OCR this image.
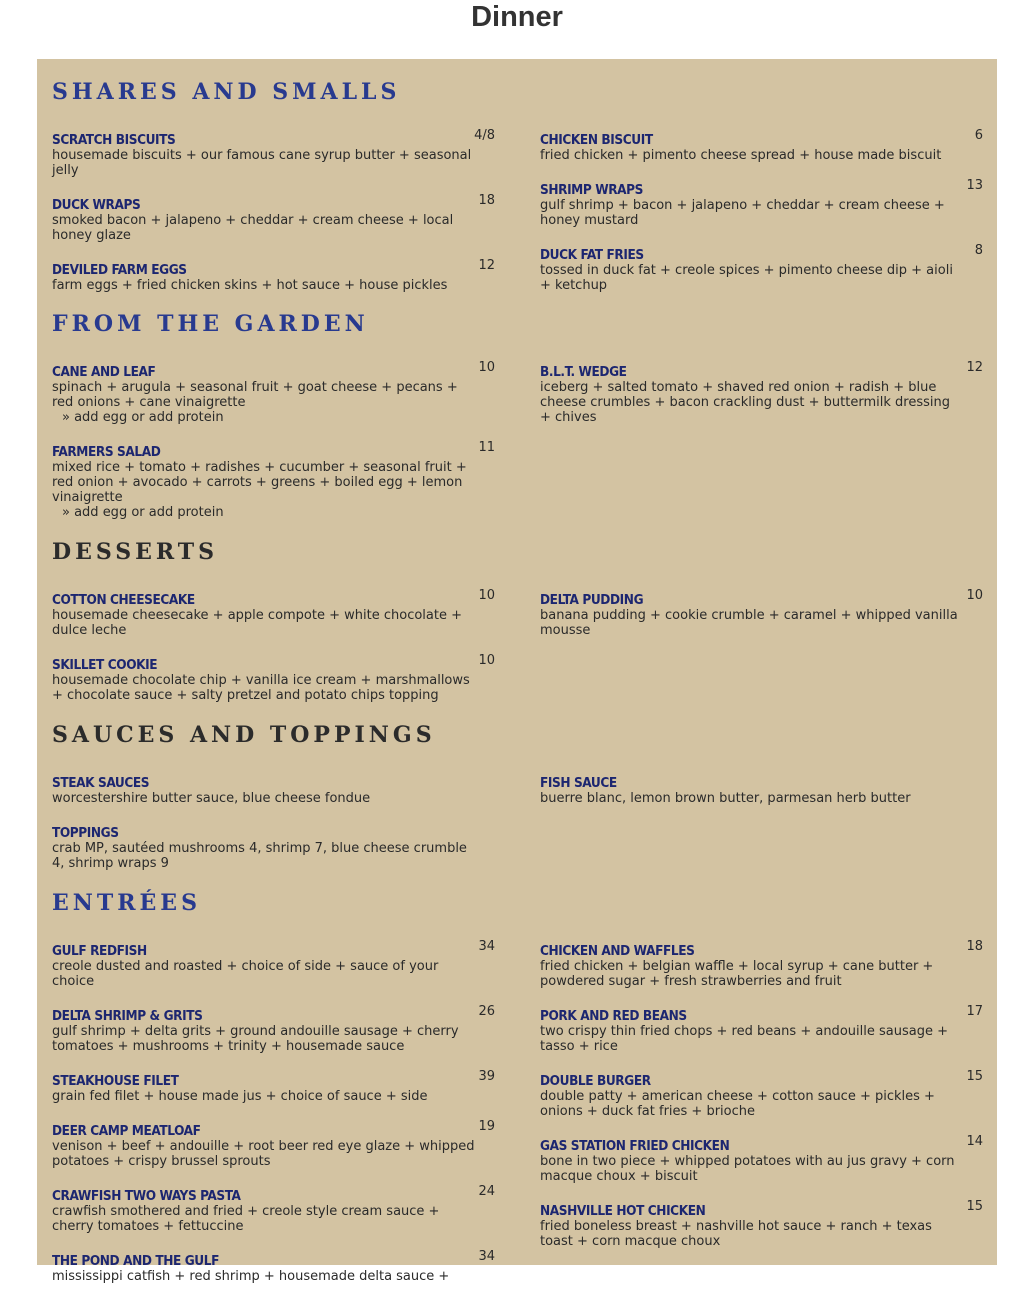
Dinner
SHARES AND SMALLS
SCRATCH BISCUITS	4/8
housemade biscuits + our famous cane syrup butter + seasonal jelly
DUCK WRAPS	18
smoked bacon + jalapeno + cheddar + cream cheese + local honey glaze
DEVILED FARM EGGS	12
farm eggs + fried chicken skins + hot sauce + house pickles
CHICKEN BISCUIT	6
fried chicken + pimento cheese spread + house made biscuit
SHRIMP WRAPS	13
gulf shrimp + bacon + jalapeno + cheddar + cream cheese + honey mustard
DUCK FAT FRIES	8
tossed in duck fat + creole spices + pimento cheese dip + aioli + ketchup
FROM THE GARDEN
CANE AND LEAF	10
spinach + arugula + seasonal fruit + goat cheese + pecans + red onions + cane vinaigrette
» add egg or add protein
FARMERS SALAD	11
mixed rice + tomato + radishes + cucumber + seasonal fruit + red onion + avocado + carrots + greens + boiled egg + lemon vinaigrette
» add egg or add protein
B.L.T. WEDGE	12
iceberg + salted tomato + shaved red onion + radish + blue cheese crumbles + bacon crackling dust + buttermilk dressing + chives
DESSERTS
COTTON CHEESECAKE	10
housemade cheesecake + apple compote + white chocolate + dulce leche
SKILLET COOKIE	10
housemade chocolate chip + vanilla ice cream + marshmallows + chocolate sauce + salty pretzel and potato chips topping
DELTA PUDDING	10
banana pudding + cookie crumble + caramel + whipped vanilla mousse
SAUCES AND TOPPINGS
STEAK SAUCES
worcestershire butter sauce, blue cheese fondue
TOPPINGS
crab MP, sautéed mushrooms 4, shrimp 7, blue cheese crumble 4, shrimp wraps 9
FISH SAUCE
buerre blanc, lemon brown butter, parmesan herb butter
ENTRÉES
GULF REDFISH	34
creole dusted and roasted + choice of side + sauce of your choice
DELTA SHRIMP & GRITS	26
gulf shrimp + delta grits + ground andouille sausage + cherry tomatoes + mushrooms + trinity + housemade sauce
STEAKHOUSE FILET	39
grain fed filet + house made jus + choice of sauce + side
DEER CAMP MEATLOAF	19
venison + beef + andouille + root beer red eye glaze + whipped potatoes + crispy brussel sprouts
CRAWFISH TWO WAYS PASTA	24
crawfish smothered and fried + creole style cream sauce + cherry tomatoes + fettuccine
THE POND AND THE GULF	34
mississippi catfish + red shrimp + housemade delta sauce +
CHICKEN AND WAFFLES	18
fried chicken + belgian waffle + local syrup + cane butter + powdered sugar + fresh strawberries and fruit
PORK AND RED BEANS	17
two crispy thin fried chops + red beans + andouille sausage + tasso + rice
DOUBLE BURGER	15
double patty + american cheese + cotton sauce + pickles + onions + duck fat fries + brioche
GAS STATION FRIED CHICKEN	14
bone in two piece + whipped potatoes with au jus gravy + corn macque choux + biscuit
NASHVILLE HOT CHICKEN	15
fried boneless breast + nashville hot sauce + ranch + texas toast + corn macque choux
